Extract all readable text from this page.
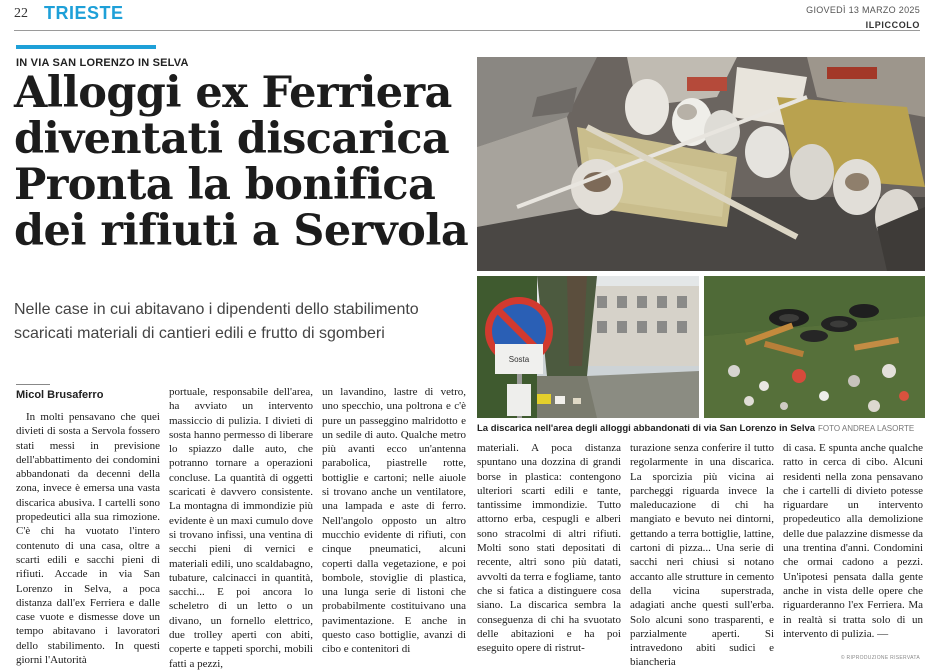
22 TRIESTE	GIOVEDÌ 13 MARZO 2025
ILPICCOLO
IN VIA SAN LORENZO IN SELVA
Alloggi ex Ferriera
diventati discarica
Pronta la bonifica
dei rifiuti a Servola
Nelle case in cui abitavano i dipendenti dello stabilimento scaricati materiali di cantieri edili e frutto di sgomberi
Micol Brusaferro

In molti pensavano che quei divieti di sosta a Servola fossero stati messi in previsione dell'abbattimento dei condomini abbandonati da decenni della zona, invece è emersa una vasta discarica abusiva. I cartelli sono propedeutici alla sua rimozione. C'è chi ha vuotato l'intero contenuto di una casa, oltre a scarti edili e sacchi pieni di rifiuti. Accade in via San Lorenzo in Selva, a poca distanza dall'ex Ferriera e dalle case vuote e dismesse dove un tempo abitavano i lavoratori dello stabilimento. In questi giorni l'Autorità

portuale, responsabile dell'area, ha avviato un intervento massiccio di pulizia. I divieti di sosta hanno permesso di liberare lo spiazzo dalle auto, che potranno tornare a operazioni concluse. La quantità di oggetti scaricati è davvero consistente. La montagna di immondizie più evidente è un maxi cumulo dove si trovano infissi, una ventina di secchi pieni di vernici e materiali edili, uno scaldabagno, tubature, calcinacci in quantità, sacchi... E poi ancora lo scheletro di un letto o un divano, un fornello elettrico, due trolley aperti con abiti, coperte e tappeti sporchi, mobili fatti a pezzi,

un lavandino, lastre di vetro, uno specchio, una poltrona e c'è pure un passeggino malridotto e un sedile di auto. Qualche metro più avanti ecco un'antenna parabolica, piastrelle rotte, bottiglie e cartoni; nelle aiuole si trovano anche un ventilatore, una lampada e aste di ferro. Nell'angolo opposto un altro mucchio evidente di rifiuti, con cinque pneumatici, alcuni coperti dalla vegetazione, e poi bombole, stoviglie di plastica, una lunga serie di listoni che probabilmente costituivano una pavimentazione. E anche in questo caso bottiglie, avanzi di cibo e contenitori di

materiali. A poca distanza spuntano una dozzina di grandi borse in plastica: contengono ulteriori scarti edili e tante, tantissime immondizie. Tutto attorno erba, cespugli e alberi sono stracolmi di altri rifiuti. Molti sono stati depositati di recente, altri sono più datati, avvolti da terra e fogliame, tanto che si fatica a distinguere cosa siano. La discarica sembra la conseguenza di chi ha svuotato delle abitazioni e ha poi eseguito opere di ristrut-

turazione senza conferire il tutto regolarmente in una discarica. La sporcizia più vicina ai parcheggi riguarda invece la maleducazione di chi ha mangiato e bevuto nei dintorni, gettando a terra bottiglie, lattine, cartoni di pizza... Una serie di sacchi neri chiusi si notano accanto alle strutture in cemento della vicina superstrada, adagiati anche questi sull'erba. Solo alcuni sono trasparenti, e parzialmente aperti. Si intravedono abiti sudici e biancheria

di casa. E spunta anche qualche ratto in cerca di cibo. Alcuni residenti nella zona pensavano che i cartelli di divieto potesse riguardare un intervento propedeutico alla demolizione delle due palazzine dismesse da una trentina d'anni. Condomini che ormai cadono a pezzi. Un'ipotesi pensata dalla gente anche in vista delle opere che riguarderanno l'ex Ferriera. Ma in realtà si tratta solo di un intervento di pulizia. —

Sosta
La discarica nell'area degli alloggi abbandonati di via San Lorenzo in Selva FOTO ANDREA LASORTE
© RIPRODUZIONE RISERVATA
